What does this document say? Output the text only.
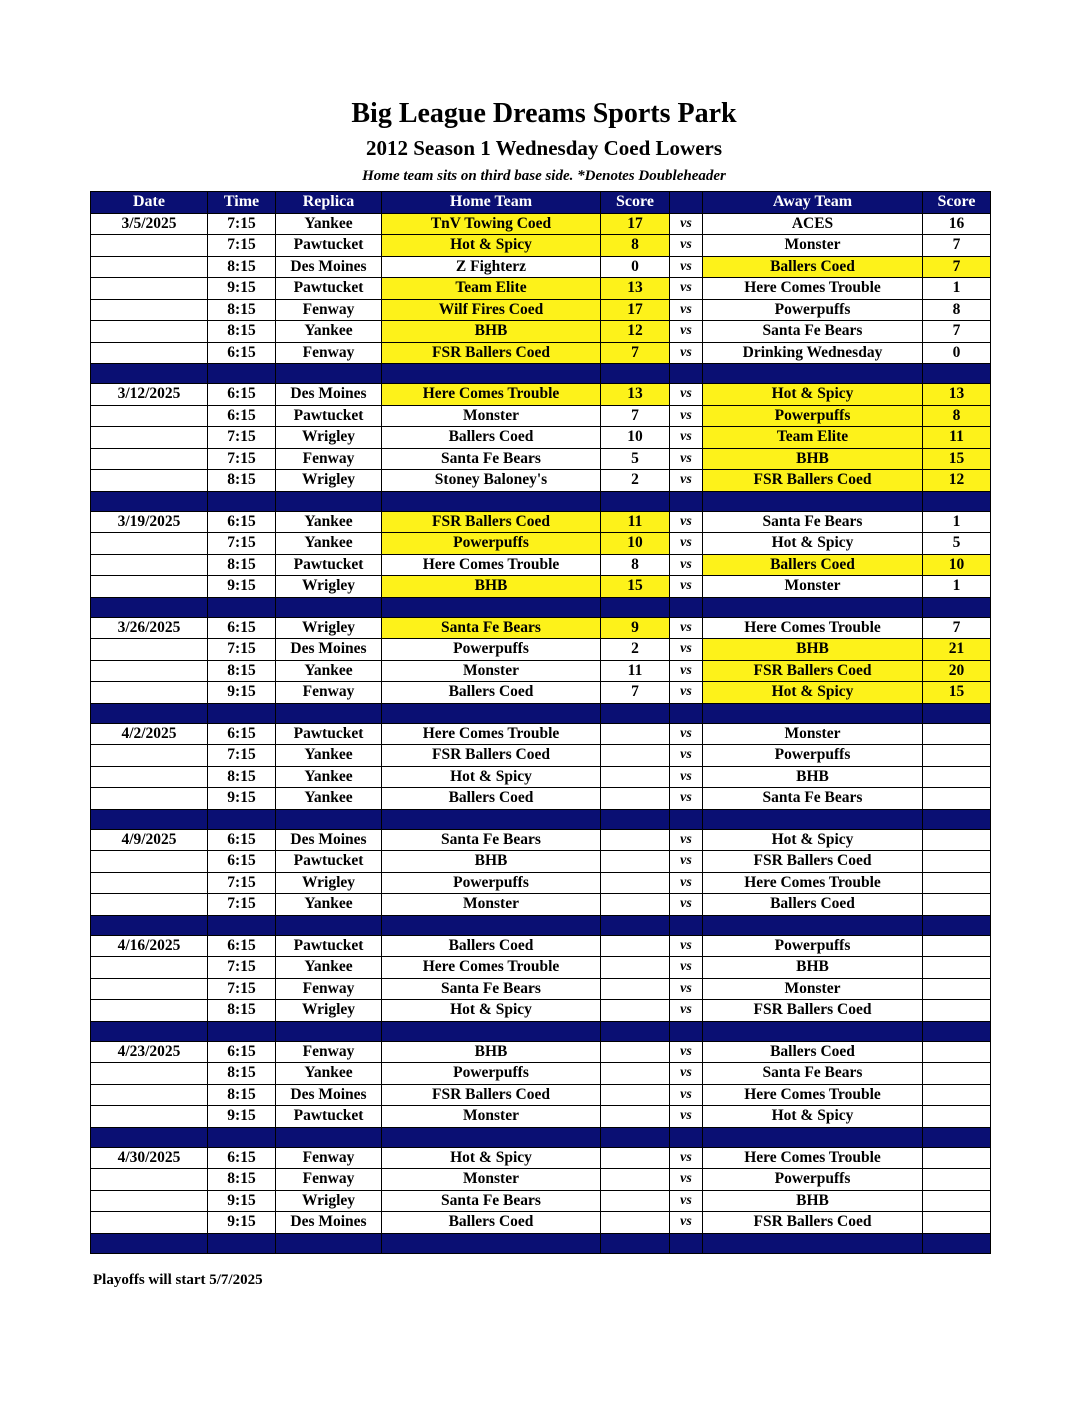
Big League Dreams Sports Park
2012 Season 1 Wednesday Coed Lowers
Home team sits on third base side. *Denotes Doubleheader
Date	Time	Replica	Home Team	Score		Away Team	Score
3/5/2025	7:15	Yankee	TnV Towing Coed	17	vs	ACES	16
	7:15	Pawtucket	Hot & Spicy	8	vs	Monster	7
	8:15	Des Moines	Z Fighterz	0	vs	Ballers Coed	7
	9:15	Pawtucket	Team Elite	13	vs	Here Comes Trouble	1
	8:15	Fenway	Wilf Fires Coed	17	vs	Powerpuffs	8
	8:15	Yankee	BHB	12	vs	Santa Fe Bears	7
	6:15	Fenway	FSR Ballers Coed	7	vs	Drinking Wednesday	0

3/12/2025	6:15	Des Moines	Here Comes Trouble	13	vs	Hot & Spicy	13
	6:15	Pawtucket	Monster	7	vs	Powerpuffs	8
	7:15	Wrigley	Ballers Coed	10	vs	Team Elite	11
	7:15	Fenway	Santa Fe Bears	5	vs	BHB	15
	8:15	Wrigley	Stoney Baloney's	2	vs	FSR Ballers Coed	12

3/19/2025	6:15	Yankee	FSR Ballers Coed	11	vs	Santa Fe Bears	1
	7:15	Yankee	Powerpuffs	10	vs	Hot & Spicy	5
	8:15	Pawtucket	Here Comes Trouble	8	vs	Ballers Coed	10
	9:15	Wrigley	BHB	15	vs	Monster	1

3/26/2025	6:15	Wrigley	Santa Fe Bears	9	vs	Here Comes Trouble	7
	7:15	Des Moines	Powerpuffs	2	vs	BHB	21
	8:15	Yankee	Monster	11	vs	FSR Ballers Coed	20
	9:15	Fenway	Ballers Coed	7	vs	Hot & Spicy	15

4/2/2025	6:15	Pawtucket	Here Comes Trouble		vs	Monster	
	7:15	Yankee	FSR Ballers Coed		vs	Powerpuffs	
	8:15	Yankee	Hot & Spicy		vs	BHB	
	9:15	Yankee	Ballers Coed		vs	Santa Fe Bears	

4/9/2025	6:15	Des Moines	Santa Fe Bears		vs	Hot & Spicy	
	6:15	Pawtucket	BHB		vs	FSR Ballers Coed	
	7:15	Wrigley	Powerpuffs		vs	Here Comes Trouble	
	7:15	Yankee	Monster		vs	Ballers Coed	

4/16/2025	6:15	Pawtucket	Ballers Coed		vs	Powerpuffs	
	7:15	Yankee	Here Comes Trouble		vs	BHB	
	7:15	Fenway	Santa Fe Bears		vs	Monster	
	8:15	Wrigley	Hot & Spicy		vs	FSR Ballers Coed	

4/23/2025	6:15	Fenway	BHB		vs	Ballers Coed	
	8:15	Yankee	Powerpuffs		vs	Santa Fe Bears	
	8:15	Des Moines	FSR Ballers Coed		vs	Here Comes Trouble	
	9:15	Pawtucket	Monster		vs	Hot & Spicy	

4/30/2025	6:15	Fenway	Hot & Spicy		vs	Here Comes Trouble	
	8:15	Fenway	Monster		vs	Powerpuffs	
	9:15	Wrigley	Santa Fe Bears		vs	BHB	
	9:15	Des Moines	Ballers Coed		vs	FSR Ballers Coed	

Playoffs will start 5/7/2025
